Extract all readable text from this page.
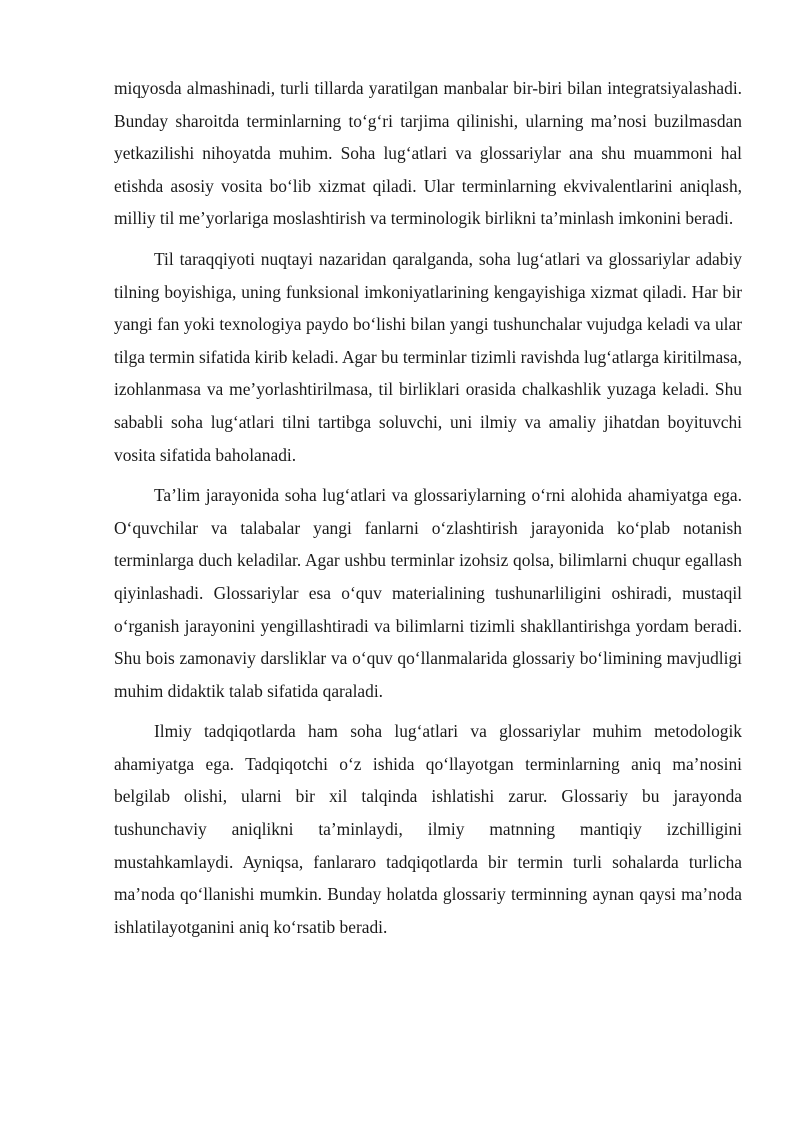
miqyosda almashinadi, turli tillarda yaratilgan manbalar bir-biri bilan integratsiyalashadi. Bunday sharoitda terminlarning to‘g‘ri tarjima qilinishi, ularning ma’nosi buzilmasdan yetkazilishi nihoyatda muhim. Soha lug‘atlari va glossariylar ana shu muammoni hal etishda asosiy vosita bo‘lib xizmat qiladi. Ular terminlarning ekvivalentlarini aniqlash, milliy til me’yorlariga moslashtirish va terminologik birlikni ta’minlash imkonini beradi.

Til taraqqiyoti nuqtayi nazaridan qaralganda, soha lug‘atlari va glossariylar adabiy tilning boyishiga, uning funksional imkoniyatlarining kengayishiga xizmat qiladi. Har bir yangi fan yoki texnologiya paydo bo‘lishi bilan yangi tushunchalar vujudga keladi va ular tilga termin sifatida kirib keladi. Agar bu terminlar tizimli ravishda lug‘atlarga kiritilmasa, izohlanmasa va me’yorlashtirilmasa, til birliklari orasida chalkashlik yuzaga keladi. Shu sababli soha lug‘atlari tilni tartibga soluvchi, uni ilmiy va amaliy jihatdan boyituvchi vosita sifatida baholanadi.

Ta’lim jarayonida soha lug‘atlari va glossariylarning o‘rni alohida ahamiyatga ega. O‘quvchilar va talabalar yangi fanlarni o‘zlashtirish jarayonida ko‘plab notanish terminlarga duch keladilar. Agar ushbu terminlar izohsiz qolsa, bilimlarni chuqur egallash qiyinlashadi. Glossariylar esa o‘quv materialining tushunarliligini oshiradi, mustaqil o‘rganish jarayonini yengillashtiradi va bilimlarni tizimli shakllantirishga yordam beradi. Shu bois zamonaviy darsliklar va o‘quv qo‘llanmalarida glossariy bo‘limining mavjudligi muhim didaktik talab sifatida qaraladi.

Ilmiy tadqiqotlarda ham soha lug‘atlari va glossariylar muhim metodologik ahamiyatga ega. Tadqiqotchi o‘z ishida qo‘llayotgan terminlarning aniq ma’nosini belgilab olishi, ularni bir xil talqinda ishlatishi zarur. Glossariy bu jarayonda tushunchaviy aniqlikni ta’minlaydi, ilmiy matnning mantiqiy izchilligini mustahkamlaydi. Ayniqsa, fanlararo tadqiqotlarda bir termin turli sohalarda turlicha ma’noda qo‘llanishi mumkin. Bunday holatda glossariy terminning aynan qaysi ma’noda ishlatilayotganini aniq ko‘rsatib beradi.
